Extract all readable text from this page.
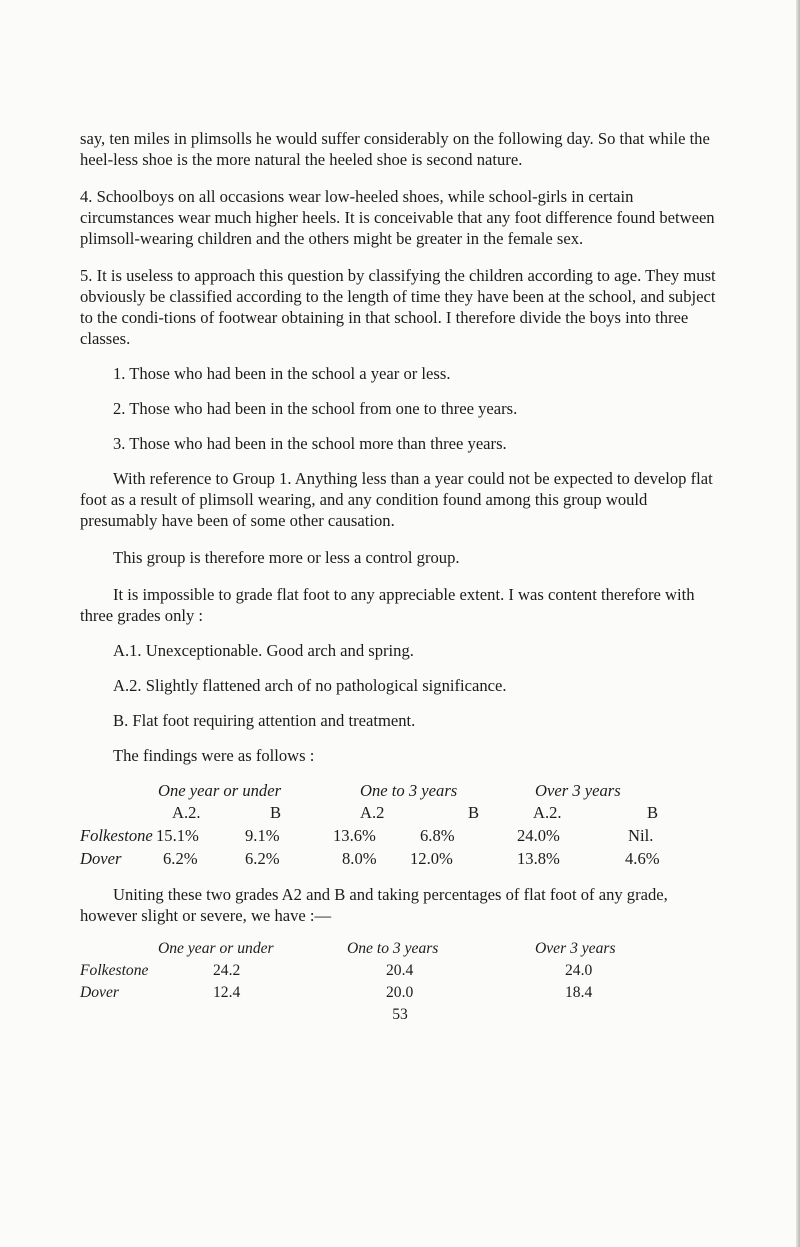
say, ten miles in plimsolls he would suffer considerably on the following day. So that while the heel-less shoe is the more natural the heeled shoe is second nature.

4. Schoolboys on all occasions wear low-heeled shoes, while school-girls in certain circumstances wear much higher heels. It is conceivable that any foot difference found between plimsoll-wearing children and the others might be greater in the female sex.

5. It is useless to approach this question by classifying the children according to age. They must obviously be classified according to the length of time they have been at the school, and subject to the condi-tions of footwear obtaining in that school. I therefore divide the boys into three classes.

1. Those who had been in the school a year or less.

2. Those who had been in the school from one to three years.

3. Those who had been in the school more than three years.

With reference to Group 1. Anything less than a year could not be expected to develop flat foot as a result of plimsoll wearing, and any condition found among this group would presumably have been of some other causation.

This group is therefore more or less a control group.

It is impossible to grade flat foot to any appreciable extent. I was content therefore with three grades only :

A.1. Unexceptionable. Good arch and spring.

A.2. Slightly flattened arch of no pathological significance.

B. Flat foot requiring attention and treatment.

The findings were as follows :

One year or under	One to 3 years	Over 3 years
A.2.	B	A.2	B	A.2.	B
Folkestone 15.1%	9.1%	13.6%	6.8%	24.0%	Nil.
Dover	6.2%	6.2%	8.0% 12.0%	13.8%	4.6%

Uniting these two grades A2 and B and taking percentages of flat foot of any grade, however slight or severe, we have :—

One year or under	One to 3 years	Over 3 years
Folkestone	24.2	20.4	24.0
Dover	12.4	20.0	18.4
53
